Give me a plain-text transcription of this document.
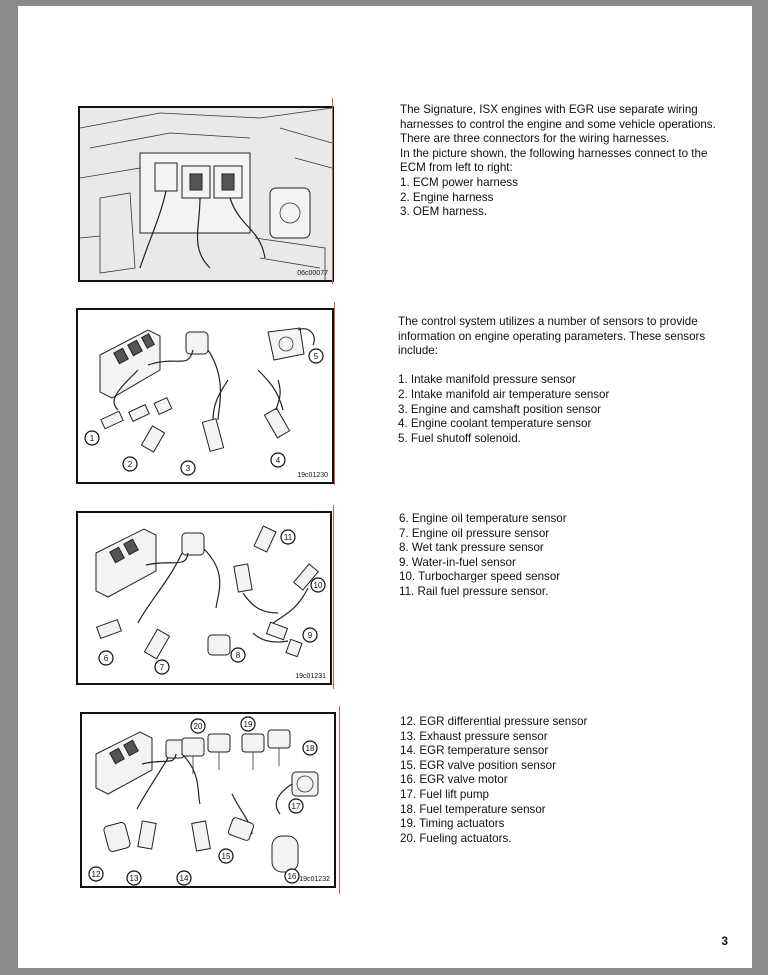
06c00077

The Signature, ISX engines with EGR use separate wiring harnesses to control the engine and some vehicle operations.

There are three connectors for the wiring harnesses.

In the picture shown, the following harnesses connect to the ECM from left to right:

1. ECM power harness
2. Engine harness
3. OEM harness.
1
2	3
4
5
19c01230

The control system utilizes a number of sensors to provide information on engine operating parameters. These sensors include:

1. Intake manifold pressure sensor
2. Intake manifold air temperature sensor
3. Engine and camshaft position sensor
4. Engine coolant temperature sensor
5. Fuel shutoff solenoid.
6
7
8
9
10
11
19c01231
6. Engine oil temperature sensor
7. Engine oil pressure sensor
8. Wet tank pressure sensor
9. Water-in-fuel sensor
10. Turbocharger speed sensor
11. Rail fuel pressure sensor.
12	13	14
15
16
17
18
19
20
19c01232
12. EGR differential pressure sensor
13. Exhaust pressure sensor
14. EGR temperature sensor
15. EGR valve position sensor
16. EGR valve motor
17. Fuel lift pump
18. Fuel temperature sensor
19. Timing actuators
20. Fueling actuators.
3
